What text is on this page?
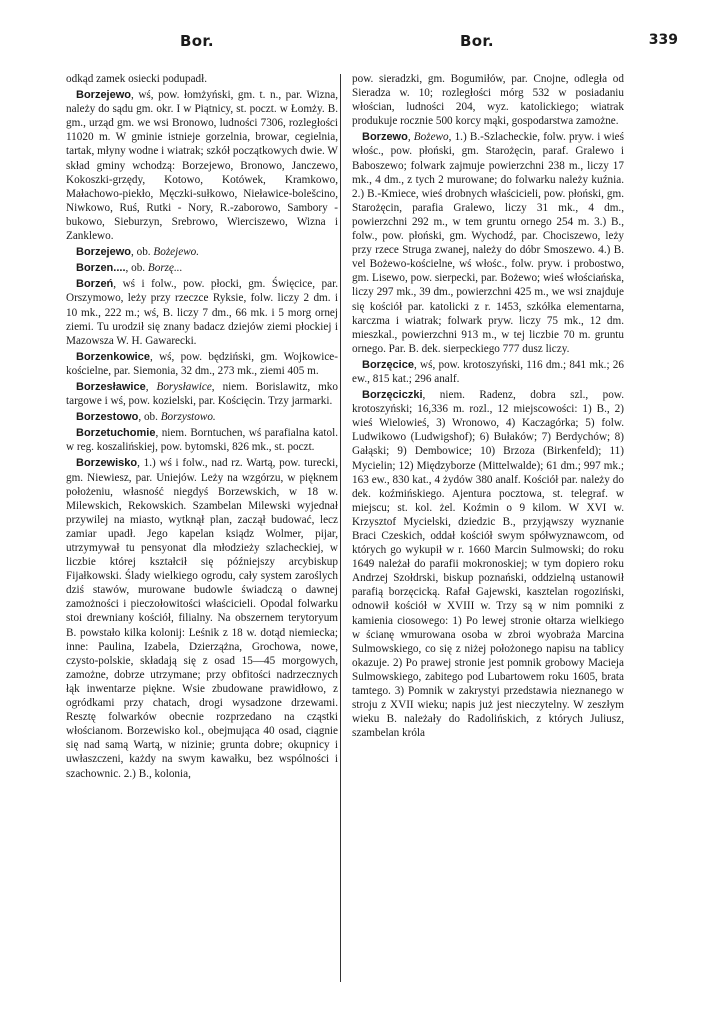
Bor.	Bor.	339

odkąd zamek osiecki podupadł.

Borzejewo, wś, pow. łomżyński, gm. t. n., par. Wizna, należy do sądu gm. okr. I w Piątnicy, st. poczt. w Łomży. B. gm., urząd gm. we wsi Bronowo, ludności 7306, rozległości 11020 m. W gminie istnieje gorzelnia, browar, cegielnia, tartak, młyny wodne i wiatrak; szkół początkowych dwie. W skład gminy wchodzą: Borzejewo, Bronowo, Janczewo, Kokoszki-grzędy, Kotowo, Kotówek, Kramkowo, Małachowo-piekło, Męczki-sułkowo, Nieławice-bolešcino, Niwkowo, Ruś, Rutki - Nory, R.-zaborowo, Sambory - bukowo, Sieburzyn, Srebrowo, Wierciszewo, Wizna i Zanklewo.

Borzejewo, ob. Bożejewo.

Borzen...., ob. Borzę...

Borzeń, wś i folw., pow. płocki, gm. Święcice, par. Orszymowo, leży przy rzeczce Ryksie, folw. liczy 2 dm. i 10 mk., 222 m.; wś, B. liczy 7 dm., 66 mk. i 5 morg ornej ziemi. Tu urodził się znany badacz dziejów ziemi płockiej i Mazowsza W. H. Gawarecki.

Borzenkowice, wś, pow. będziński, gm. Wojkowice-kościelne, par. Siemonia, 32 dm., 273 mk., ziemi 405 m.

Borzesławice, Borysławice, niem. Borislawitz, mko targowe i wś, pow. kozielski, par. Kościęcin. Trzy jarmarki.

Borzestowo, ob. Borzystowo.

Borzetuchomie, niem. Borntuchen, wś parafialna katol. w reg. koszalińskiej, pow. bytomski, 826 mk., st. poczt.

Borzewisko, 1.) wś i folw., nad rz. Wartą, pow. turecki, gm. Niewiesz, par. Uniejów. Leży na wzgórzu, w pięknem położeniu, własność niegdyś Borzewskich, w 18 w. Milewskich, Rekowskich. Szambelan Milewski wyjednał przywilej na miasto, wytknął plan, zaczął budować, lecz zamiar upadł. Jego kapelan ksiądz Wolmer, pijar, utrzymywał tu pensyonat dla młodzieży szlacheckiej, w liczbie której kształcił się późniejszy arcybiskup Fijałkowski. Ślady wielkiego ogrodu, cały system zaroślych dziś stawów, murowane budowle świadczą o dawnej zamożności i pieczołowitości właścicieli. Opodal folwarku stoi drewniany kościół, filialny. Na obszernem terytoryum B. powstało kilka kolonij: Leśnik z 18 w. dotąd niemiecka; inne: Paulina, Izabela, Dzierzążna, Grochowa, nowe, czysto-polskie, składają się z osad 15—45 morgowych, zamożne, dobrze utrzymane; przy obfitości nadrzecznych łąk inwentarze piękne. Wsie zbudowane prawidłowo, z ogródkami przy chatach, drogi wysadzone drzewami. Resztę folwarków obecnie rozprzedano na cząstki włościanom. Borzewisko kol., obejmująca 40 osad, ciągnie się nad samą Wartą, w nizinie; grunta dobre; okupnicy i uwłaszczeni, każdy na swym kawałku, bez wspólności i szachownic. 2.) B., kolonia,

pow. sieradzki, gm. Bogumiłów, par. Cnojne, odległa od Sieradza w. 10; rozległości mórg 532 w posiadaniu włościan, ludności 204, wyz. katolickiego; wiatrak produkuje rocznie 500 korcy mąki, gospodarstwa zamożne.

Borzewo, Bożewo, 1.) B.-Szlacheckie, folw. pryw. i wieś włośc., pow. płoński, gm. Starożęcin, paraf. Gralewo i Baboszewo; folwark zajmuje powierzchni 238 m., liczy 17 mk., 4 dm., z tych 2 murowane; do folwarku należy kuźnia. 2.) B.-Kmiece, wieś drobnych właścicieli, pow. płoński, gm. Starożęcin, parafia Gralewo, liczy 31 mk., 4 dm., powierzchni 292 m., w tem gruntu ornego 254 m. 3.) B., folw., pow. płoński, gm. Wychodź, par. Chociszewo, leży przy rzece Struga zwanej, należy do dóbr Smoszewo. 4.) B. vel Bożewo-kościelne, wś włośc., folw. pryw. i probostwo, gm. Lisewo, pow. sierpecki, par. Bożewo; wieś włościańska, liczy 297 mk., 39 dm., powierzchni 425 m., we wsi znajduje się kościół par. katolicki z r. 1453, szkółka elementarna, karczma i wiatrak; folwark pryw. liczy 75 mk., 12 dm. mieszkal., powierzchni 913 m., w tej liczbie 70 m. gruntu ornego. Par. B. dek. sierpeckiego 777 dusz liczy.

Borzęcice, wś, pow. krotoszyński, 116 dm.; 841 mk.; 26 ew., 815 kat.; 296 analf.

Borzęciczki, niem. Radenz, dobra szl., pow. krotoszyński; 16,336 m. rozl., 12 miejscowości: 1) B., 2) wieś Wielowieś, 3) Wronowo, 4) Kaczagórka; 5) folw. Ludwikowo (Ludwigshof); 6) Bułaków; 7) Berdychów; 8) Gałąski; 9) Dembowice; 10) Brzoza (Birkenfeld); 11) Mycielin; 12) Międzyborze (Mittelwalde); 61 dm.; 997 mk.; 163 ew., 830 kat., 4 żydów 380 analf. Kościół par. należy do dek. koźmińskiego. Ajentura pocztowa, st. telegraf. w miejscu; st. kol. żel. Koźmin o 9 kilom. W XVI w. Krzysztof Mycielski, dziedzic B., przyjąwszy wyznanie Braci Czeskich, oddał kościół swym spółwyznawcom, od których go wykupił w r. 1660 Marcin Sulmowski; do roku 1649 należał do parafii mokronoskiej; w tym dopiero roku Andrzej Szołdrski, biskup poznański, oddzielną ustanowił parafią borzęcicką. Rafał Gajewski, kasztelan rogoziński, odnowił kościół w XVIII w. Trzy są w nim pomniki z kamienia ciosowego: 1) Po lewej stronie ołtarza wielkiego w ścianę wmurowana osoba w zbroi wyobraża Marcina Sulmowskiego, co się z niżej położonego napisu na tablicy okazuje. 2) Po prawej stronie jest pomnik grobowy Macieja Sulmowskiego, zabitego pod Lubartowem roku 1605, brata tamtego. 3) Pomnik w zakrystyi przedstawia nieznanego w stroju z XVII wieku; napis już jest nieczytelny. W zeszłym wieku B. należały do Radolińskich, z których Juliusz, szambelan króla
